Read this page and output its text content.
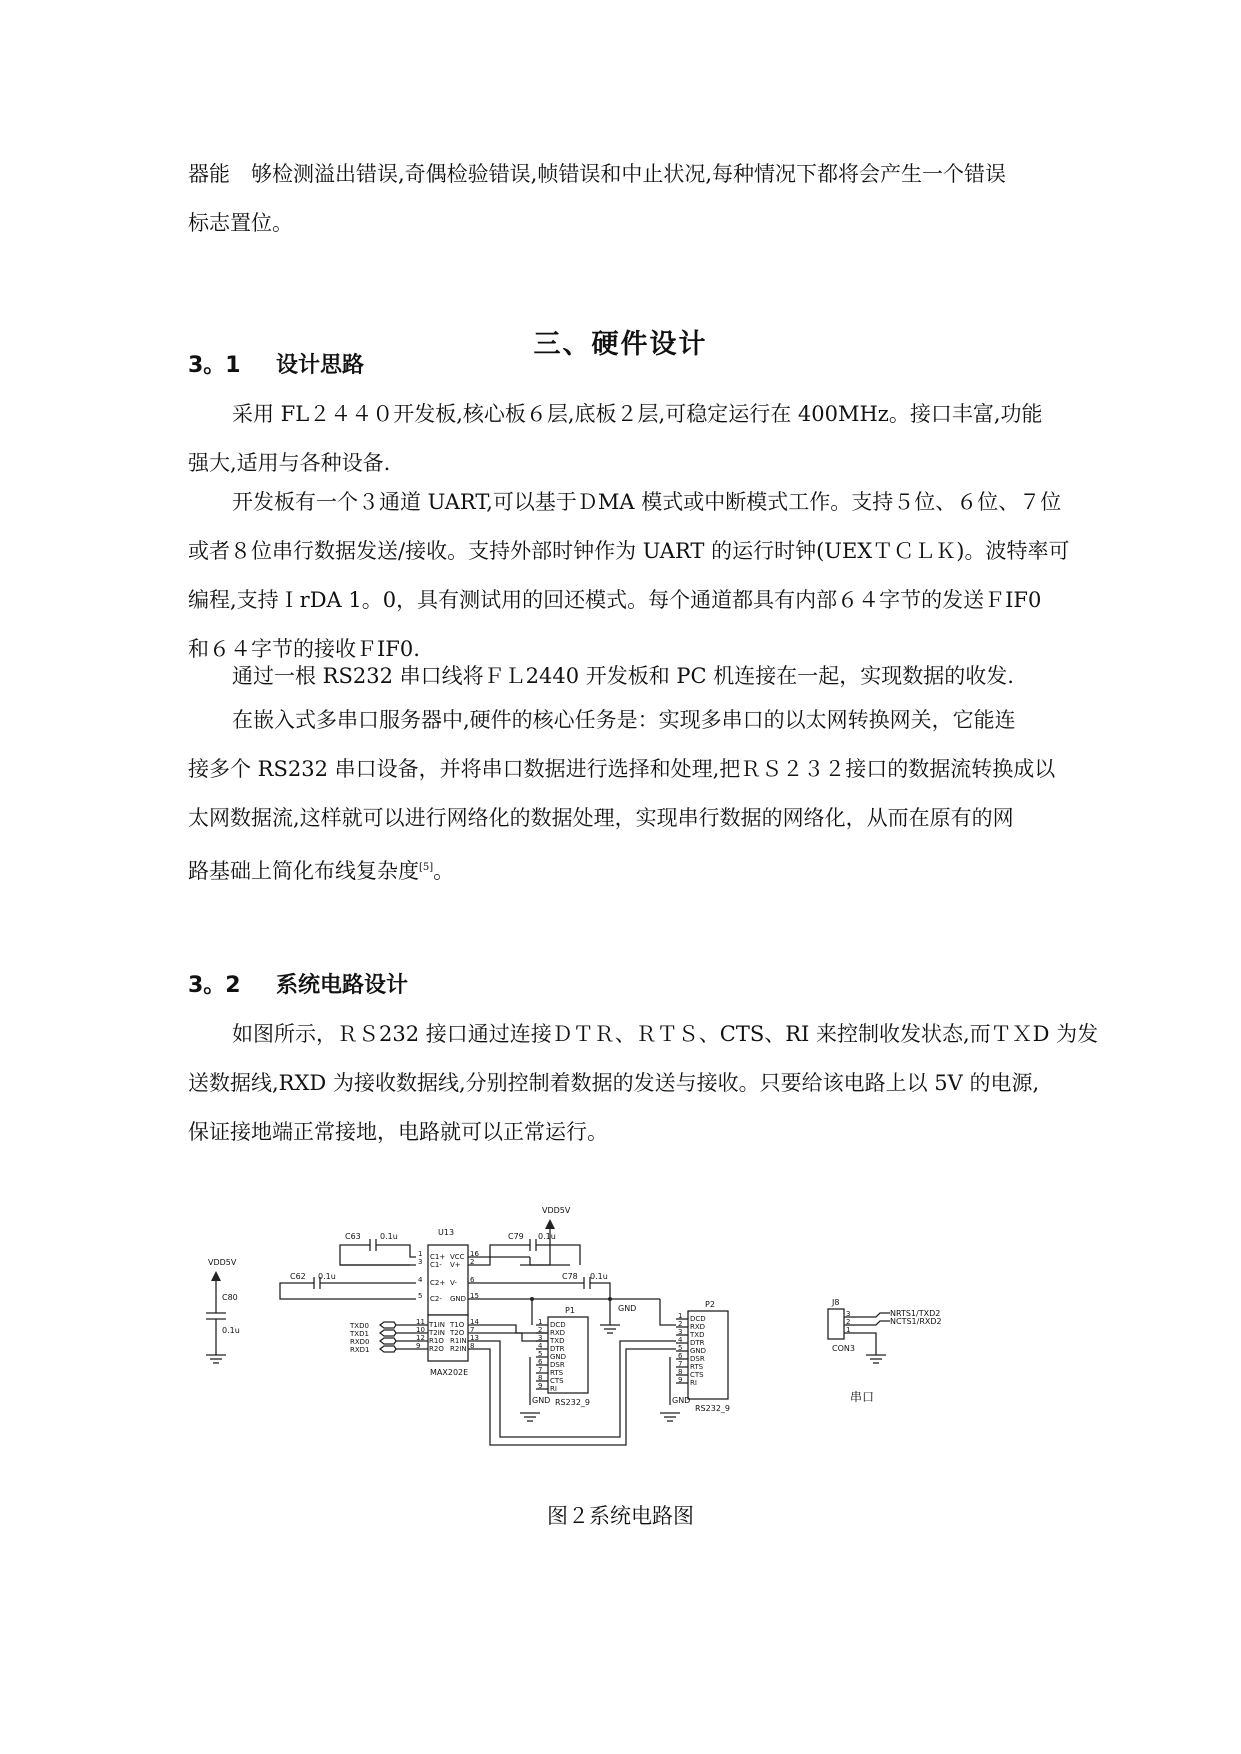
器能　够检测溢出错误,奇偶检验错误,帧错误和中止状况,每种情况下都将会产生一个错误
标志置位。
三、硬件设计
3。1 设计思路
采用 FL２４４０开发板,核心板６层,底板２层,可稳定运行在 400MHz。接口丰富,功能
强大,适用与各种设备.
开发板有一个３通道 UART,可以基于ＤMA 模式或中断模式工作。支持５位、６位、７位
或者８位串行数据发送/接收。支持外部时钟作为 UART 的运行时钟(UEXＴＣＬＫ)。波特率可
编程,支持ＩrDA 1。0，具有测试用的回还模式。每个通道都具有内部６４字节的发送ＦIF0
和６４字节的接收ＦIF0.
通过一根 RS232 串口线将ＦＬ2440 开发板和 PC 机连接在一起，实现数据的收发.
在嵌入式多串口服务器中,硬件的核心任务是：实现多串口的以太网转换网关，它能连
接多个 RS232 串口设备，并将串口数据进行选择和处理,把ＲＳ２３２接口的数据流转换成以
太网数据流,这样就可以进行网络化的数据处理，实现串行数据的网络化，从而在原有的网
路基础上简化布线复杂度[5]。
3。2 系统电路设计
如图所示，ＲＳ232 接口通过连接ＤＴＲ、ＲＴＳ、CTS、RI 来控制收发状态,而ＴＸD 为发
送数据线,RXD 为接收数据线,分别控制着数据的发送与接收。只要给该电路上以 5V 的电源,
保证接地端正常接地，电路就可以正常运行。
VDD5V
VDD5V
C80
0.1u
C63 0.1u
C62 0.1u
U13
MAX202E
1 C1+
3 C1-
4 C2+
5 C2-
16
VCC
2
V+
6
V-
15
GND
11 T1IN
10 T2IN
12 R1O
9 R2O
14
T1O
7
T2O
13
R1IN
8
R2IN
C79 0.1u
C78 0.1u
GND
TXD0
TXD1
RXD0
RXD1
P1
RS232_9
1 DCD
2 RXD
3 TXD
4 DTR
5 GND
6 DSR
7 RTS
8 CTS
9 RI
GND
P2
RS232_9
1 DCD
2 RXD
3 TXD
4 DTR
5 GND
6 DSR
7 RTS
8 CTS
9 RI
GND
J8
CON3
3
2
1
NRTS1/TXD2
NCTS1/RXD2
串口
图２系统电路图
